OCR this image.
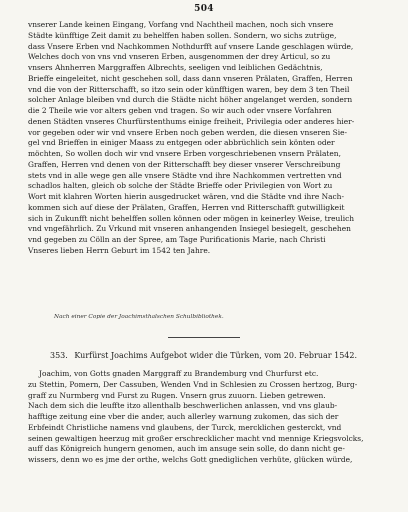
504
vnserer Lande keinen Eingang, Vorfang vnd Nachtheil machen, noch sich vnsere
Städte künfftige Zeit damit zu behelffen haben sollen. Sondern, wo sichs zutrüge,
dass Vnsere Erben vnd Nachkommen Nothdurfft auf vnsere Lande geschlagen würde,
Welches doch von vns vnd vnseren Erben, ausgenommen der drey Articul, so zu
vnsers Ahnherren Marggraffen Albrechts, seeligen vnd leiblichen Gedächtnis,
Brieffe eingeleitet, nicht geschehen soll, dass dann vnseren Prälaten, Graffen, Herren
vnd die von der Ritterschafft, so itzo sein oder künfftigen waren, bey dem 3 ten Theil
solcher Anlage bleiben vnd durch die Städte nicht höher angelanget werden, sondern
die 2 Theile wie vor alters geben vnd tragen. So wir auch oder vnsere Vorfahren
denen Städten vnseres Churfürstenthums einige freiheit, Privilegia oder anderes hier-
vor gegeben oder wir vnd vnsere Erben noch geben werden, die diesen vnseren Sie-
gel vnd Brieffen in einiger Maass zu entgegen oder abbrüchlich sein könten oder
möchten, So wollen doch wir vnd vnsere Erben vorgeschriebenen vnsern Prälaten,
Graffen, Herren vnd denen von der Ritterschafft bey dieser vnserer Verschreibung
stets vnd in alle wege gen alle vnsere Städte vnd ihre Nachkommen vertretten vnd
schadlos halten, gleich ob solche der Städte Brieffe oder Privilegien von Wort zu
Wort mit klahren Worten hierin ausgedrucket wären, vnd die Städte vnd ihre Nach-
kommen sich auf diese der Prälaten, Graffen, Herren vnd Ritterschafft gutwilligkeit
sich in Zukunfft nicht behelffen sollen können oder mögen in keinerley Weise, treulich
vnd vngefährlich. Zu Vrkund mit vnseren anhangenden Insiegel besiegelt, geschehen
vnd gegeben zu Cölln an der Spree, am Tage Purificationis Marie, nach Christi
Vnseres lieben Herrn Geburt im 1542 ten Jahre.
Nach einer Copie der Joachimsthalschen Schulbibliothek.
353. Kurfürst Joachims Aufgebot wider die Türken, vom 20. Februar 1542.
Joachim, von Gotts gnaden Marggraff zu Brandemburg vnd Churfurst etc.
zu Stettin, Pomern, Der Cassuben, Wenden Vnd in Schlesien zu Crossen hertzog, Burg-
graff zu Nurmberg vnd Furst zu Rugen. Vnsern grus zuuorn. Lieben getrewen.
Nach dem sich die leuffte itzo allenthalb beschwerlichen anlassen, vnd vns glaub-
hafftige zeitung eine vber die ander, auch allerley warnung zukomen, das sich der
Erbfeindt Christliche namens vnd glaubens, der Turck, mercklichen gesterckt, vnd
seinen gewaltigen heerzug mit großer erschrecklicher macht vnd mennige Kriegsvolcks,
auff das Königreich hungern genomen, auch im ansuge sein solle, do dann nicht ge-
wissers, denn wo es jme der orthe, welchs Gott gnediglichen verhüte, glücken würde,
